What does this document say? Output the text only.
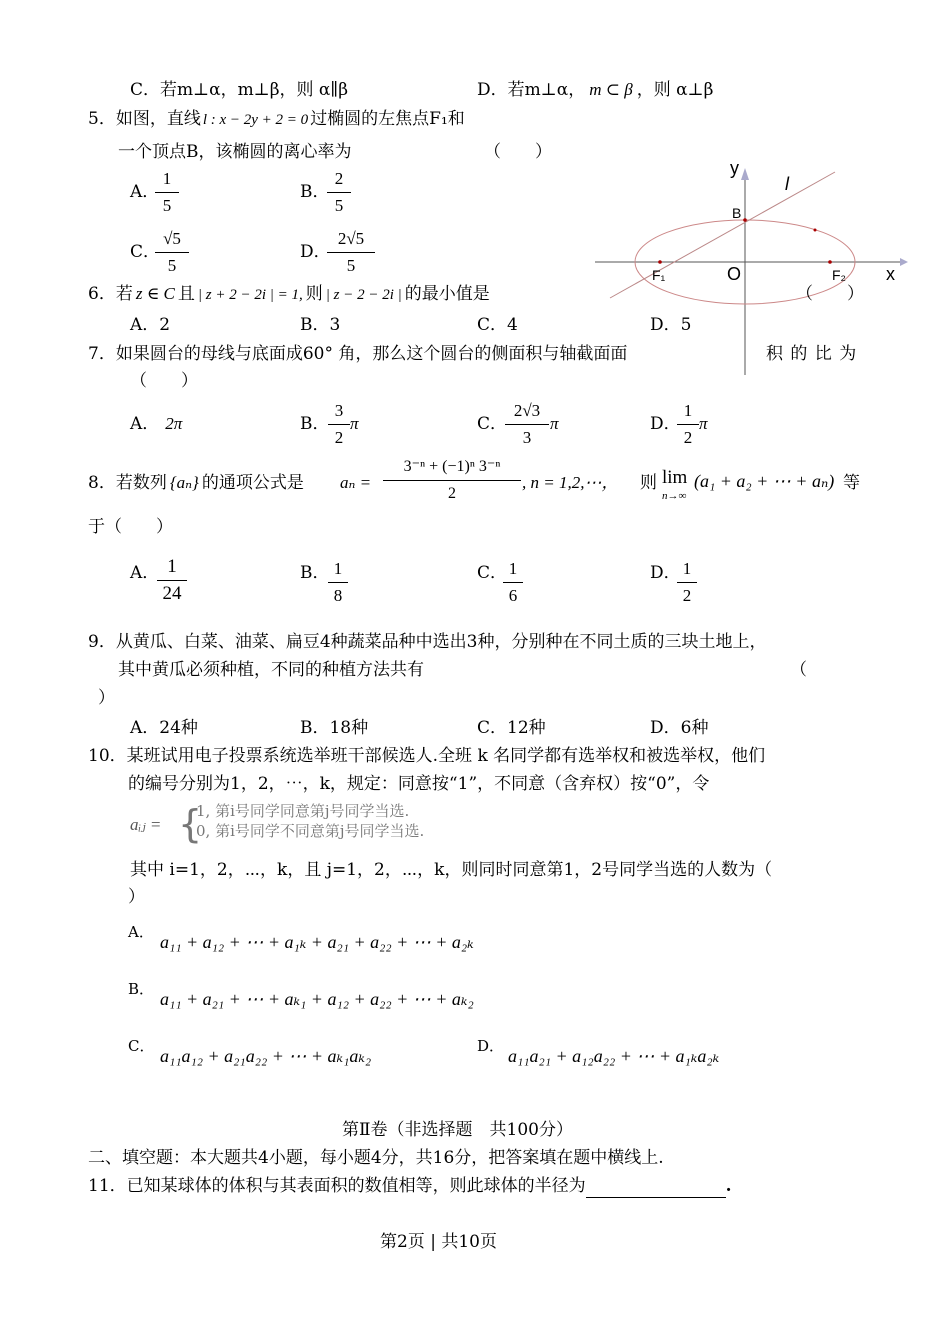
C．若m⊥α，m⊥β，则 α∥β	D．若m⊥α， m ⊂ β ，则 α⊥β
5．如图，直线 l : x − 2y + 2 = 0 过椭圆的左焦点F₁和
一个顶点B，该椭圆的离心率为	（　　）
A．
1
5
B．
2
5
C．
√5
5
D．
2√5
5
y
x
l
B
O
F₁	F₂
6．若 z ∈ C 且 | z + 2 − 2i | = 1, 则 | z − 2 − 2i | 的最小值是	（　　）
A．2	B．3	C．4	D．5
7．如果圆台的母线与底面成60° 角，那么这个圆台的侧面积与轴截面面	积 的 比 为
（　　）
A． 2π	B．
3
2
π	C．
2√3
3
π	D．
1
2
π
8．若数列 {aₙ} 的通项公式是 aₙ =
3⁻ⁿ + (−1)ⁿ 3⁻ⁿ
2
, n = 1,2,⋯， 则 lim
n→∞
(a₁ + a₂ + ⋯ + aₙ) 等
于（　　）
A． 1
24
B． 1
8
C． 1
6
D． 1
2
9．从黄瓜、白菜、油菜、扁豆4种蔬菜品种中选出3种，分别种在不同土质的三块土地上，
其中黄瓜必须种植，不同的种植方法共有	（
）
A．24种	B．18种	C．12种	D．6种
10．某班试用电子投票系统选举班干部候选人.全班 k 名同学都有选举权和被选举权，他们
的编号分别为1，2，⋯，k，规定：同意按“1”，不同意（含弃权）按“0”，令
aᵢⱼ = {
1, 第i号同学同意第j号同学当选.
0, 第i号同学不同意第j号同学当选.
其中 i=1，2，⋯，k，且 j=1，2，⋯，k，则同时同意第1，2号同学当选的人数为（
）
A． a₁₁ + a₁₂ + ⋯ + a₁ₖ + a₂₁ + a₂₂ + ⋯ + a₂ₖ
B． a₁₁ + a₂₁ + ⋯ + aₖ₁ + a₁₂ + a₂₂ + ⋯ + aₖ₂
C． a₁₁a₁₂ + a₂₁a₂₂ + ⋯ + aₖ₁aₖ₂	D． a₁₁a₂₁ + a₁₂a₂₂ + ⋯ + a₁ₖa₂ₖ
第Ⅱ卷（非选择题　共100分）
二、填空题：本大题共4小题，每小题4分，共16分，把答案填在题中横线上.
11．已知某球体的体积与其表面积的数值相等，则此球体的半径为	.
第2页 | 共10页
